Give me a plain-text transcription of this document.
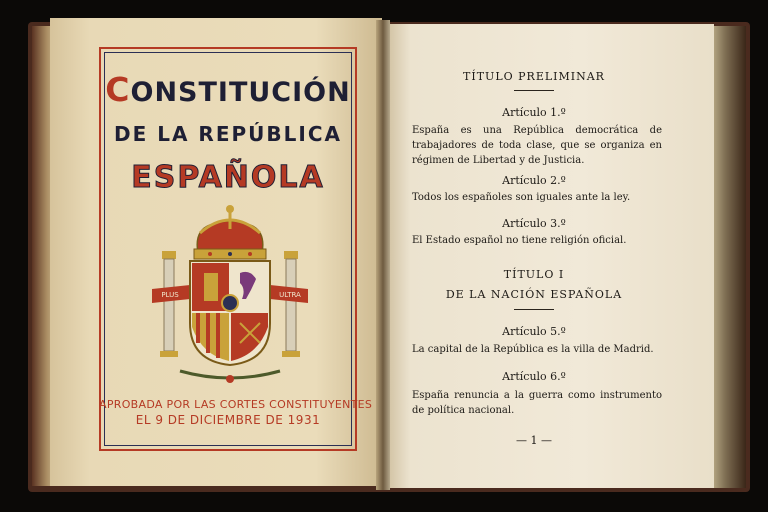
CONSTITUCIÓN
DE LA REPÚBLICA
ESPAÑOLA
PLUS	ULTRA
APROBADA POR LAS CORTES CONSTITUYENTES
EL 9 DE DICIEMBRE DE 1931
TÍTULO PRELIMINAR
Artículo 1.º
España es una República democrática de trabajadores de toda clase, que se organiza en régimen de Libertad y de Justicia.
Artículo 2.º
Todos los españoles son iguales ante la ley.
Artículo 3.º
El Estado español no tiene religión oficial.
TÍTULO I
DE LA NACIÓN ESPAÑOLA
Artículo 5.º
La capital de la República es la villa de Madrid.
Artículo 6.º
España renuncia a la guerra como instrumento de política nacional.
— 1 —
